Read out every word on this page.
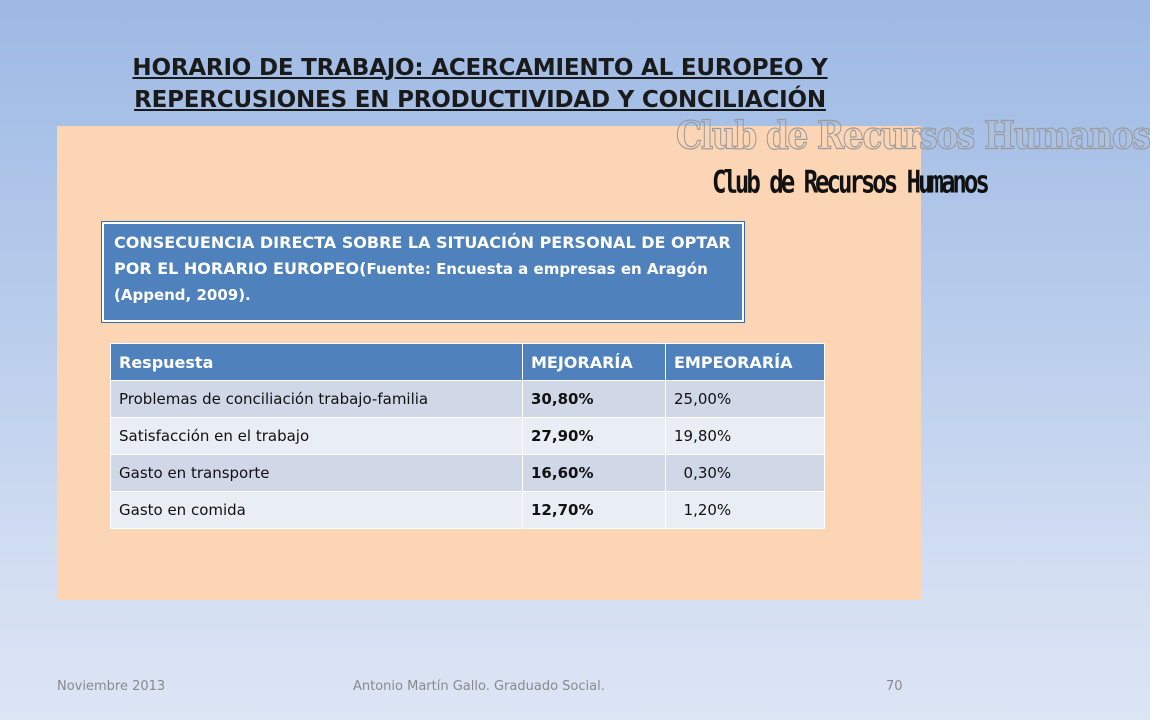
HORARIO DE TRABAJO: ACERCAMIENTO AL EUROPEO Y
REPERCUSIONES EN PRODUCTIVIDAD Y CONCILIACIÓN
Club de Recursos Humanos
Club de Recursos Humanos
CONSECUENCIA DIRECTA SOBRE LA SITUACIÓN PERSONAL DE OPTAR POR EL HORARIO EUROPEO(Fuente: Encuesta a empresas en Aragón (Append, 2009).
Respuesta	MEJORARÍA	EMPEORARÍA
Problemas de conciliación trabajo-familia	30,80%	25,00%
Satisfacción en el trabajo	27,90%	19,80%
Gasto en transporte	16,60%	0,30%
Gasto en comida	12,70%	1,20%
Noviembre 2013	Antonio Martín Gallo. Graduado Social.	70
